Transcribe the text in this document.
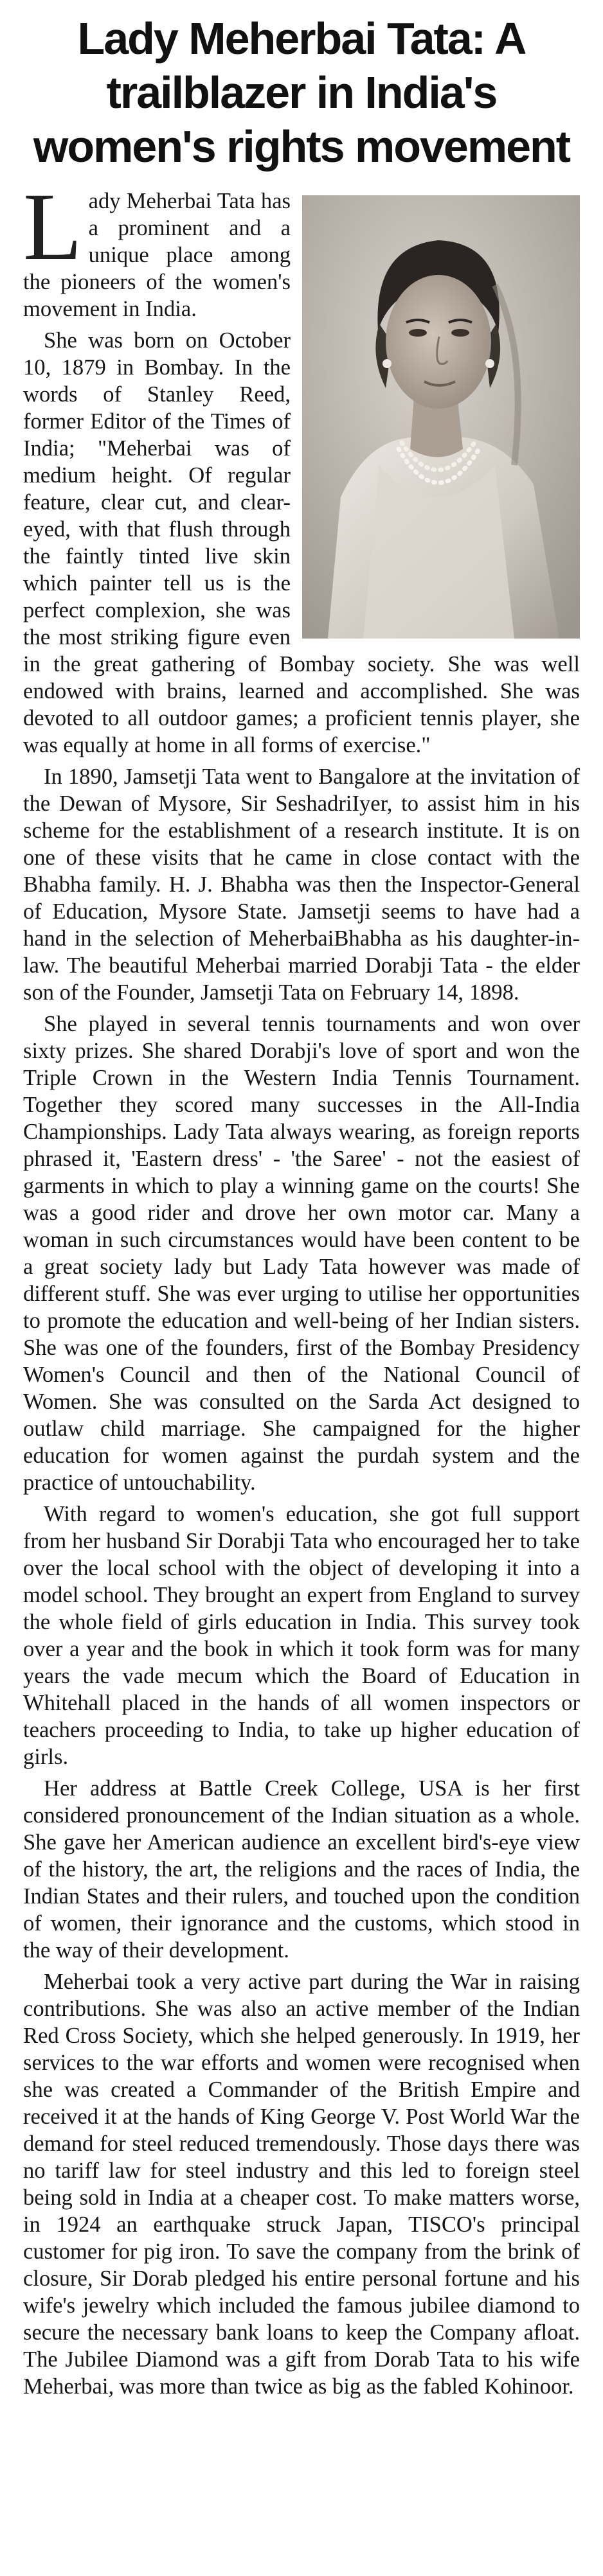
Lady Meherbai Tata: A trailblazer in India's women's rights movement

Lady Meherbai Tata has a prominent and a unique place among the pioneers of the women's movement in India.

She was born on October 10, 1879 in Bombay. In the words of Stanley Reed, former Editor of the Times of India; "Meherbai was of medium height. Of regular feature, clear cut, and clear-eyed, with that flush through the faintly tinted live skin which painter tell us is the perfect complexion, she was the most striking figure even in the great gathering of Bombay society. She was well endowed with brains, learned and accomplished. She was devoted to all outdoor games; a proficient tennis player, she was equally at home in all forms of exercise."

In 1890, Jamsetji Tata went to Bangalore at the invitation of the Dewan of Mysore, Sir SeshadriIyer, to assist him in his scheme for the establishment of a research institute. It is on one of these visits that he came in close contact with the Bhabha family. H. J. Bhabha was then the Inspector-General of Education, Mysore State. Jamsetji seems to have had a hand in the selection of MeherbaiBhabha as his daughter-in-law. The beautiful Meherbai married Dorabji Tata - the elder son of the Founder, Jamsetji Tata on February 14, 1898.

She played in several tennis tournaments and won over sixty prizes. She shared Dorabji's love of sport and won the Triple Crown in the Western India Tennis Tournament. Together they scored many successes in the All-India Championships. Lady Tata always wearing, as foreign reports phrased it, 'Eastern dress' - 'the Saree' - not the easiest of garments in which to play a winning game on the courts! She was a good rider and drove her own motor car. Many a woman in such circumstances would have been content to be a great society lady but Lady Tata however was made of different stuff. She was ever urging to utilise her opportunities to promote the education and well-being of her Indian sisters. She was one of the founders, first of the Bombay Presidency Women's Council and then of the National Council of Women. She was consulted on the Sarda Act designed to outlaw child marriage. She campaigned for the higher education for women against the purdah system and the practice of untouchability.

With regard to women's education, she got full support from her husband Sir Dorabji Tata who encouraged her to take over the local school with the object of developing it into a model school. They brought an expert from England to survey the whole field of girls education in India. This survey took over a year and the book in which it took form was for many years the vade mecum which the Board of Education in Whitehall placed in the hands of all women inspectors or teachers proceeding to India, to take up higher education of girls.

Her address at Battle Creek College, USA is her first considered pronouncement of the Indian situation as a whole. She gave her American audience an excellent bird's-eye view of the history, the art, the religions and the races of India, the Indian States and their rulers, and touched upon the condition of women, their ignorance and the customs, which stood in the way of their development.

Meherbai took a very active part during the War in raising contributions. She was also an active member of the Indian Red Cross Society, which she helped generously. In 1919, her services to the war efforts and women were recognised when she was created a Commander of the British Empire and received it at the hands of King George V. Post World War the demand for steel reduced tremendously. Those days there was no tariff law for steel industry and this led to foreign steel being sold in India at a cheaper cost. To make matters worse, in 1924 an earthquake struck Japan, TISCO's principal customer for pig iron. To save the company from the brink of closure, Sir Dorab pledged his entire personal fortune and his wife's jewelry which included the famous jubilee diamond to secure the necessary bank loans to keep the Company afloat. The Jubilee Diamond was a gift from Dorab Tata to his wife Meherbai, was more than twice as big as the fabled Kohinoor.
